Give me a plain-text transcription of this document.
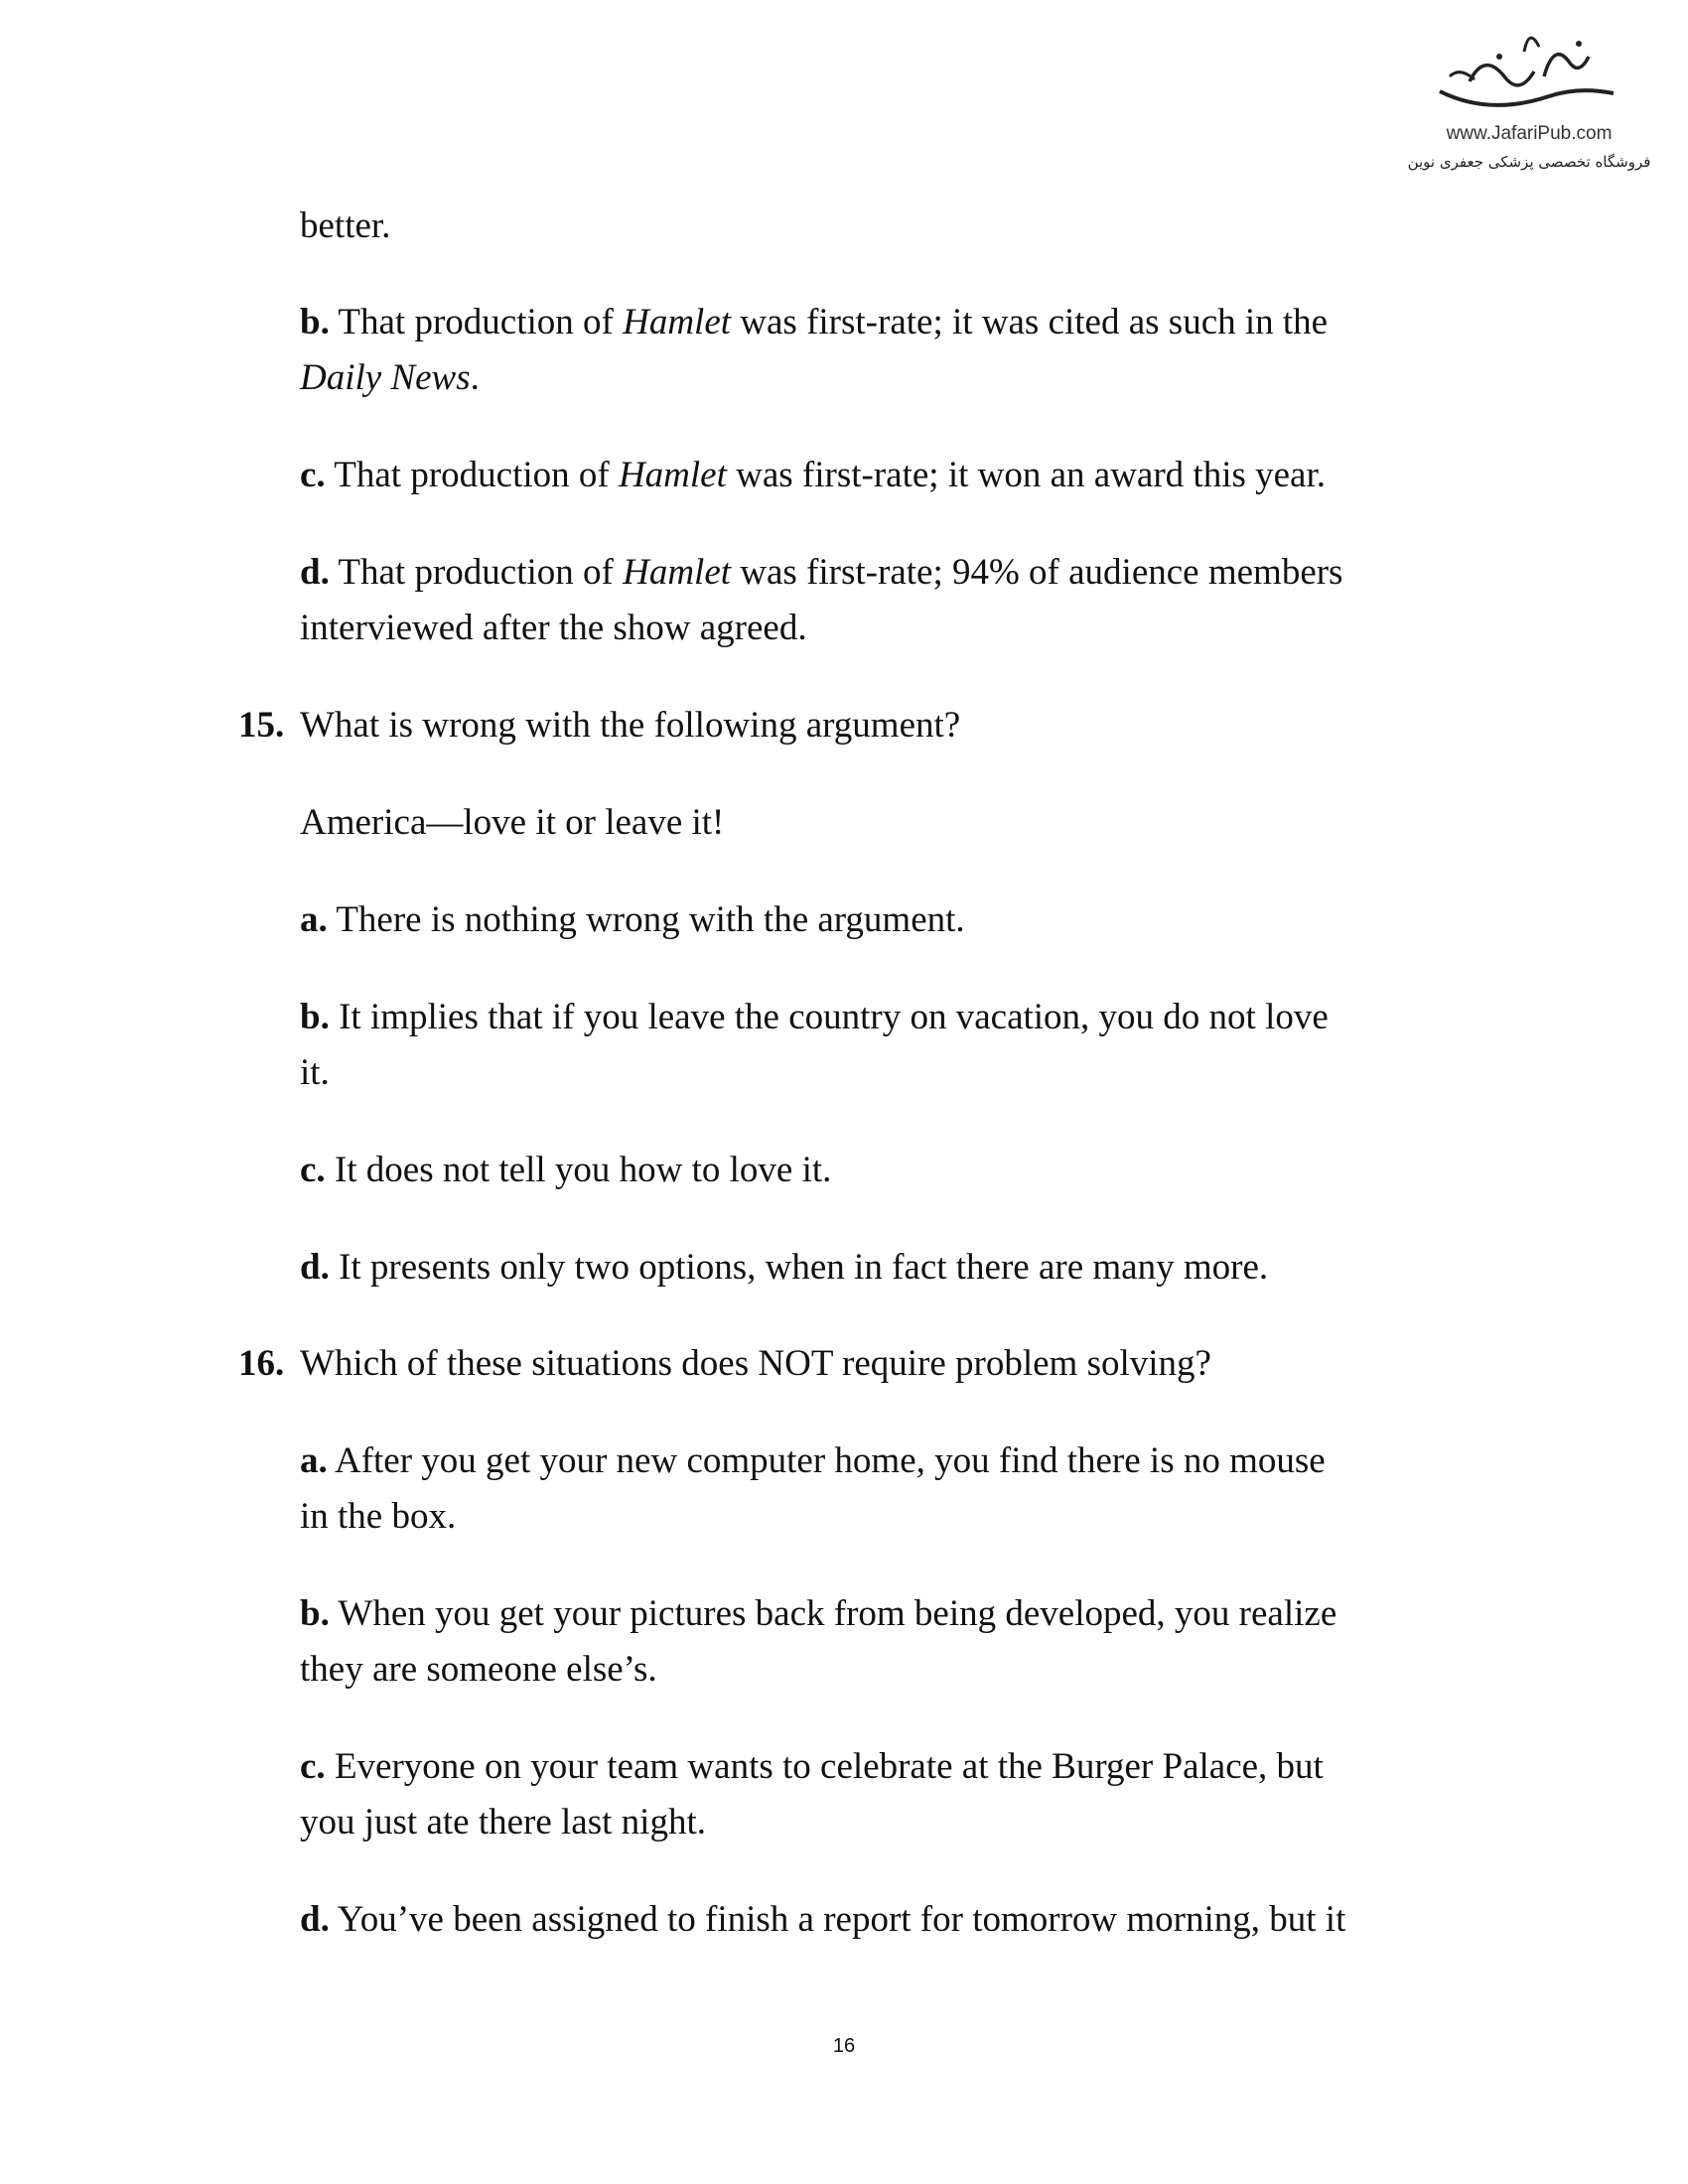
www.JafariPub.com
فروشگاه تخصصی پزشکی جعفری نوین
better.
b. That production of Hamlet was first-rate; it was cited as such in the
Daily News.
c. That production of Hamlet was first-rate; it won an award this year.
d. That production of Hamlet was first-rate; 94% of audience members
interviewed after the show agreed.
15. What is wrong with the following argument?
America—love it or leave it!
a. There is nothing wrong with the argument.
b. It implies that if you leave the country on vacation, you do not love
it.
c. It does not tell you how to love it.
d. It presents only two options, when in fact there are many more.
16. Which of these situations does NOT require problem solving?
a. After you get your new computer home, you find there is no mouse
in the box.
b. When you get your pictures back from being developed, you realize
they are someone else’s.
c. Everyone on your team wants to celebrate at the Burger Palace, but
you just ate there last night.
d. You’ve been assigned to finish a report for tomorrow morning, but it
16
